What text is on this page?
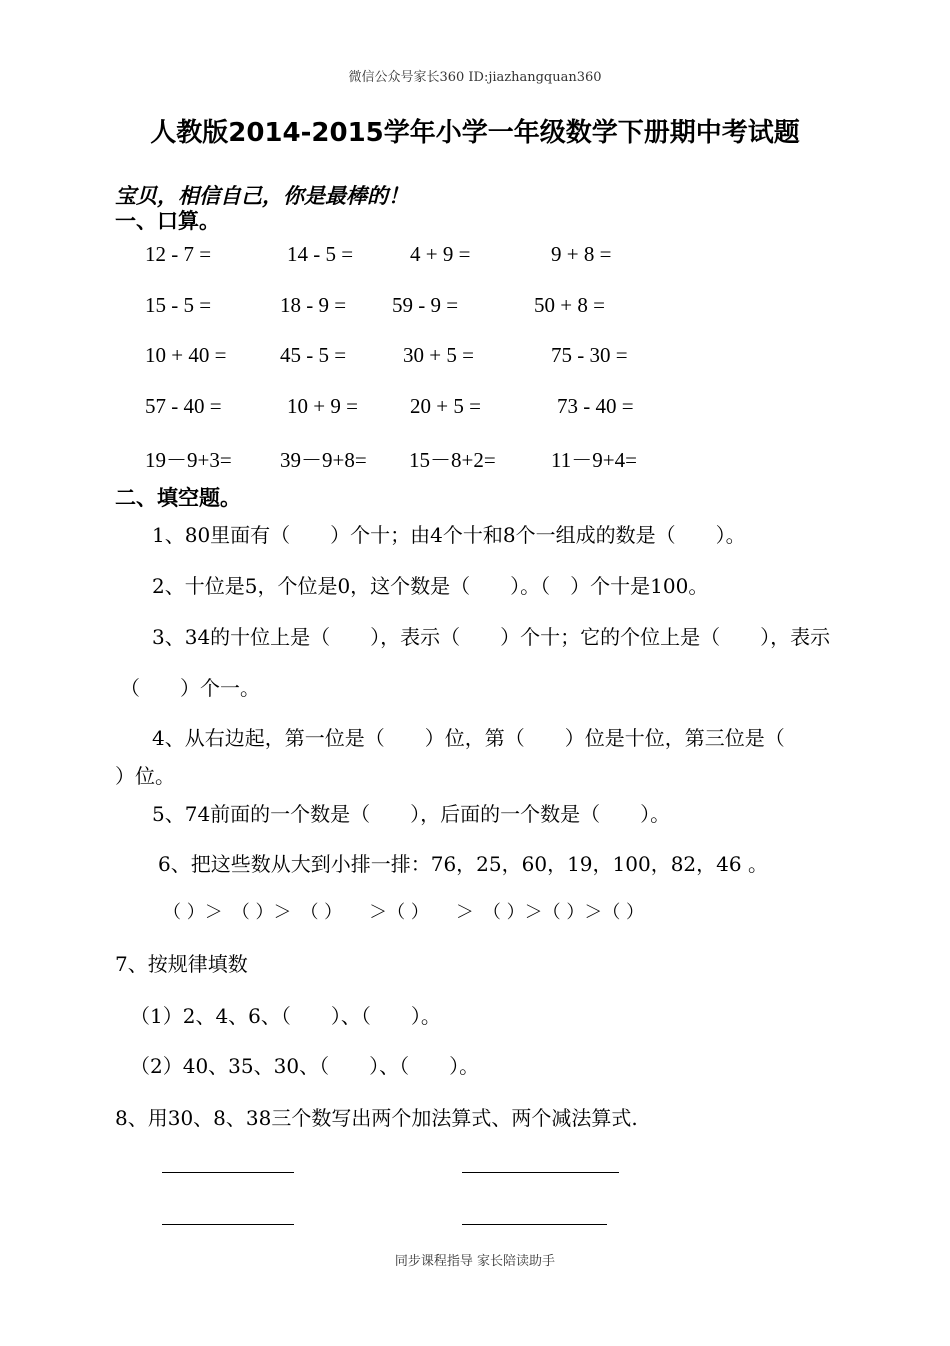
微信公众号家长360 ID:jiazhangquan360
人教版2014-2015学年小学一年级数学下册期中考试题
宝贝，相信自己，你是最棒的！
一、口算。
12 - 7 =	14 - 5 =	4 + 9 =	9 + 8 =
15 - 5 =	18 - 9 = 59 - 9 =	50 + 8 =
10 + 40 =	45 - 5 =	30 + 5 =	75 - 30 =
57 - 40 =	10 + 9 = 20 + 5 =	73 - 40 =
19－9+3= 39－9+8= 15－8+2=	11－9+4=
二、填空题。
1、80里面有（　　）个十；由4个十和8个一组成的数是（　　）。
2、十位是5，个位是0，这个数是（　　）。（　）个十是100。
3、34的十位上是（　　），表示（　　）个十；它的个位上是（　　），表示
（　　）个一。
4、从右边起，第一位是（　　）位，第（　　）位是十位，第三位是（
）位。
5、74前面的一个数是（　　），后面的一个数是（　　）。
6、把这些数从大到小排一排：76，25，60，19，100，82，46 。
（ ）＞　（ ）＞　（ ）　　＞（ ）　　＞　（ ）＞（ ）＞（ ）
7、按规律填数
（1）2、4、6、（　　）、（　　）。
（2）40、35、30、（　　）、（　　）。
8、用30、8、38三个数写出两个加法算式、两个减法算式.
同步课程指导 家长陪读助手
